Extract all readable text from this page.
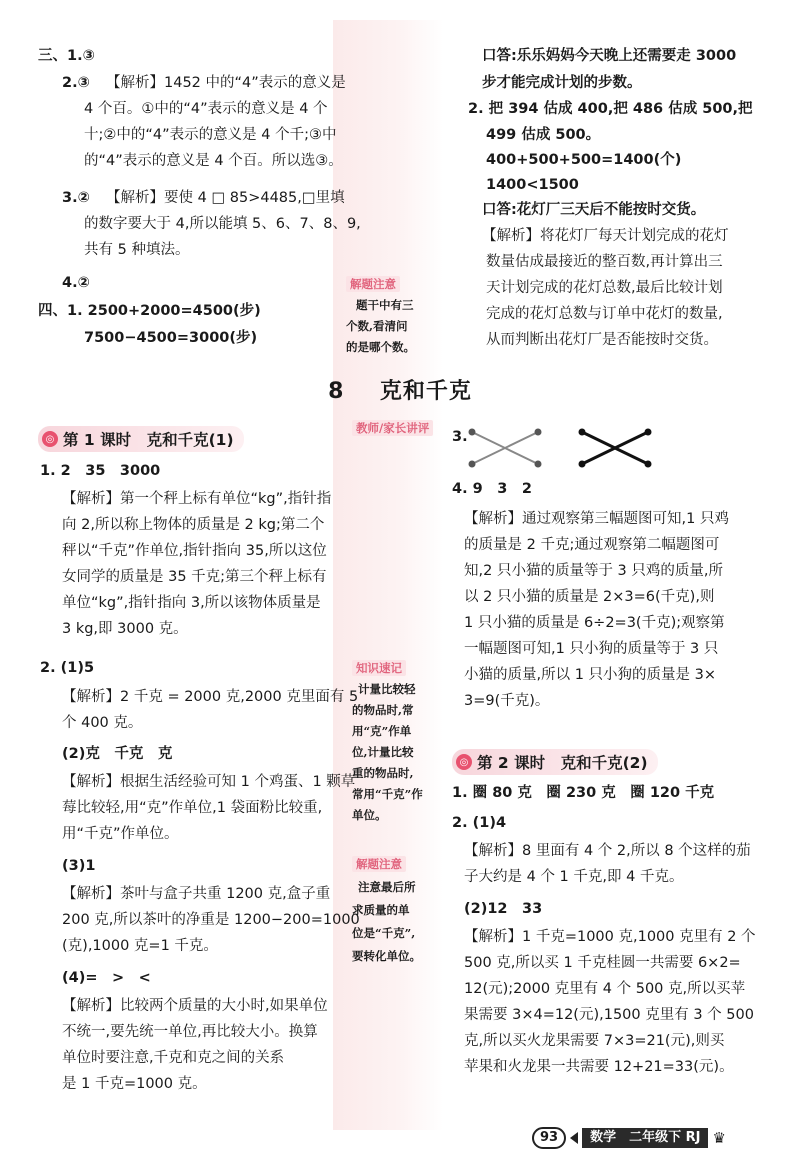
三、1.③
2.③ 【解析】1452 中的“4”表示的意义是
4 个百。①中的“4”表示的意义是 4 个
十;②中的“4”表示的意义是 4 个千;③中
的“4”表示的意义是 4 个百。所以选③。
3.② 【解析】要使 4 □ 85>4485,□里填
的数字要大于 4,所以能填 5、6、7、8、9,
共有 5 种填法。
4.②
四、1. 2500+2000=4500(步)
7500−4500=3000(步)
口答:乐乐妈妈今天晚上还需要走 3000
步才能完成计划的步数。
2. 把 394 估成 400,把 486 估成 500,把
499 估成 500。
400+500+500=1400(个)
1400<1500
口答:花灯厂三天后不能按时交货。
【解析】将花灯厂每天计划完成的花灯
数量估成最接近的整百数,再计算出三
天计划完成的花灯总数,最后比较计划
完成的花灯总数与订单中花灯的数量,
从而判断出花灯厂是否能按时交货。
解题注意
题干中有三
个数,看清问
的是哪个数。
8 克和千克
◎ 第 1 课时　克和千克(1)
教师/家长讲评
1. 2　35　3000
【解析】第一个秤上标有单位“kg”,指针指
向 2,所以称上物体的质量是 2 kg;第二个
秤以“千克”作单位,指针指向 35,所以这位
女同学的质量是 35 千克;第三个秤上标有
单位“kg”,指针指向 3,所以该物体质量是
3 kg,即 3000 克。
2. (1)5
【解析】2 千克 = 2000 克,2000 克里面有 5
个 400 克。
(2)克　千克　克
【解析】根据生活经验可知 1 个鸡蛋、1 颗草
莓比较轻,用“克”作单位,1 袋面粉比较重,
用“千克”作单位。
(3)1
【解析】茶叶与盒子共重 1200 克,盒子重
200 克,所以茶叶的净重是 1200−200=1000
(克),1000 克=1 千克。
(4)=　>　<
【解析】比较两个质量的大小时,如果单位
不统一,要先统一单位,再比较大小。换算
单位时要注意,千克和克之间的关系
是 1 千克=1000 克。
知识速记
计量比较轻
的物品时,常
用“克”作单
位,计量比较
重的物品时,
常用“千克”作
单位。
解题注意
注意最后所
求质量的单
位是“千克”,
要转化单位。
3.
4. 9　3　2
【解析】通过观察第三幅题图可知,1 只鸡
的质量是 2 千克;通过观察第二幅题图可
知,2 只小猫的质量等于 3 只鸡的质量,所
以 2 只小猫的质量是 2×3=6(千克),则
1 只小猫的质量是 6÷2=3(千克);观察第
一幅题图可知,1 只小狗的质量等于 3 只
小猫的质量,所以 1 只小狗的质量是 3×
3=9(千克)。
◎ 第 2 课时　克和千克(2)
1. 圈 80 克　圈 230 克　圈 120 千克
2. (1)4
【解析】8 里面有 4 个 2,所以 8 个这样的茄
子大约是 4 个 1 千克,即 4 千克。
(2)12　33
【解析】1 千克=1000 克,1000 克里有 2 个
500 克,所以买 1 千克桂圆一共需要 6×2=
12(元);2000 克里有 4 个 500 克,所以买苹
果需要 3×4=12(元),1500 克里有 3 个 500
克,所以买火龙果需要 7×3=21(元),则买
苹果和火龙果一共需要 12+21=33(元)。
93	数学　二年级下 RJ ♛
